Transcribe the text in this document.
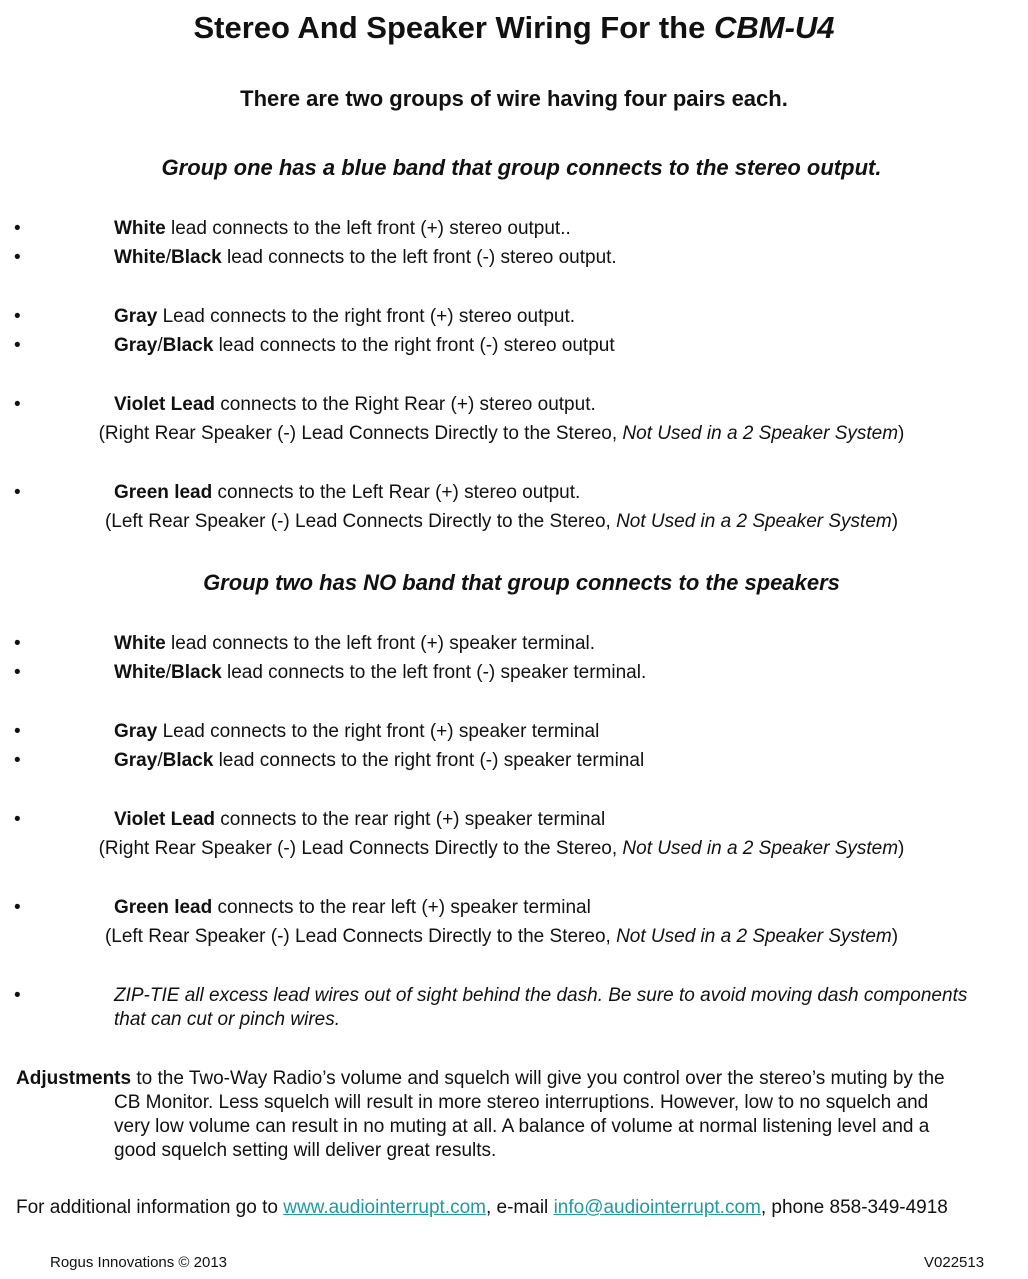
Stereo And Speaker Wiring For the CBM-U4
There are two groups of wire having four pairs each.
Group one has a blue band that group connects to the stereo output.
•	White lead connects to the left front (+) stereo output..
•	White/Black lead connects to the left front (-) stereo output.
•	Gray Lead connects to the right front (+) stereo output.
•	Gray/Black lead connects to the right front (-) stereo output
•	Violet Lead connects to the Right Rear (+) stereo output.
(Right Rear Speaker (-) Lead Connects Directly to the Stereo, Not Used in a 2 Speaker System)
•	Green lead connects to the Left Rear (+) stereo output.
(Left Rear Speaker (-) Lead Connects Directly to the Stereo, Not Used in a 2 Speaker System)
Group two has NO band that group connects to the speakers
•	White lead connects to the left front (+) speaker terminal.
•	White/Black lead connects to the left front (-) speaker terminal.
•	Gray Lead connects to the right front (+) speaker terminal
•	Gray/Black lead connects to the right front (-) speaker terminal
•	Violet Lead connects to the rear right (+) speaker terminal
(Right Rear Speaker (-) Lead Connects Directly to the Stereo, Not Used in a 2 Speaker System)
•	Green lead connects to the rear left (+) speaker terminal
(Left Rear Speaker (-) Lead Connects Directly to the Stereo, Not Used in a 2 Speaker System)
•	ZIP-TIE all excess lead wires out of sight behind the dash. Be sure to avoid moving dash components
that can cut or pinch wires.
Adjustments to the Two-Way Radio’s volume and squelch will give you control over the stereo’s muting by the
CB Monitor. Less squelch will result in more stereo interruptions. However, low to no squelch and
very low volume can result in no muting at all. A balance of volume at normal listening level and a
good squelch setting will deliver great results.
For additional information go to www.audiointerrupt.com, e-mail info@audiointerrupt.com, phone 858-349-4918
Rogus Innovations © 2013	V022513
